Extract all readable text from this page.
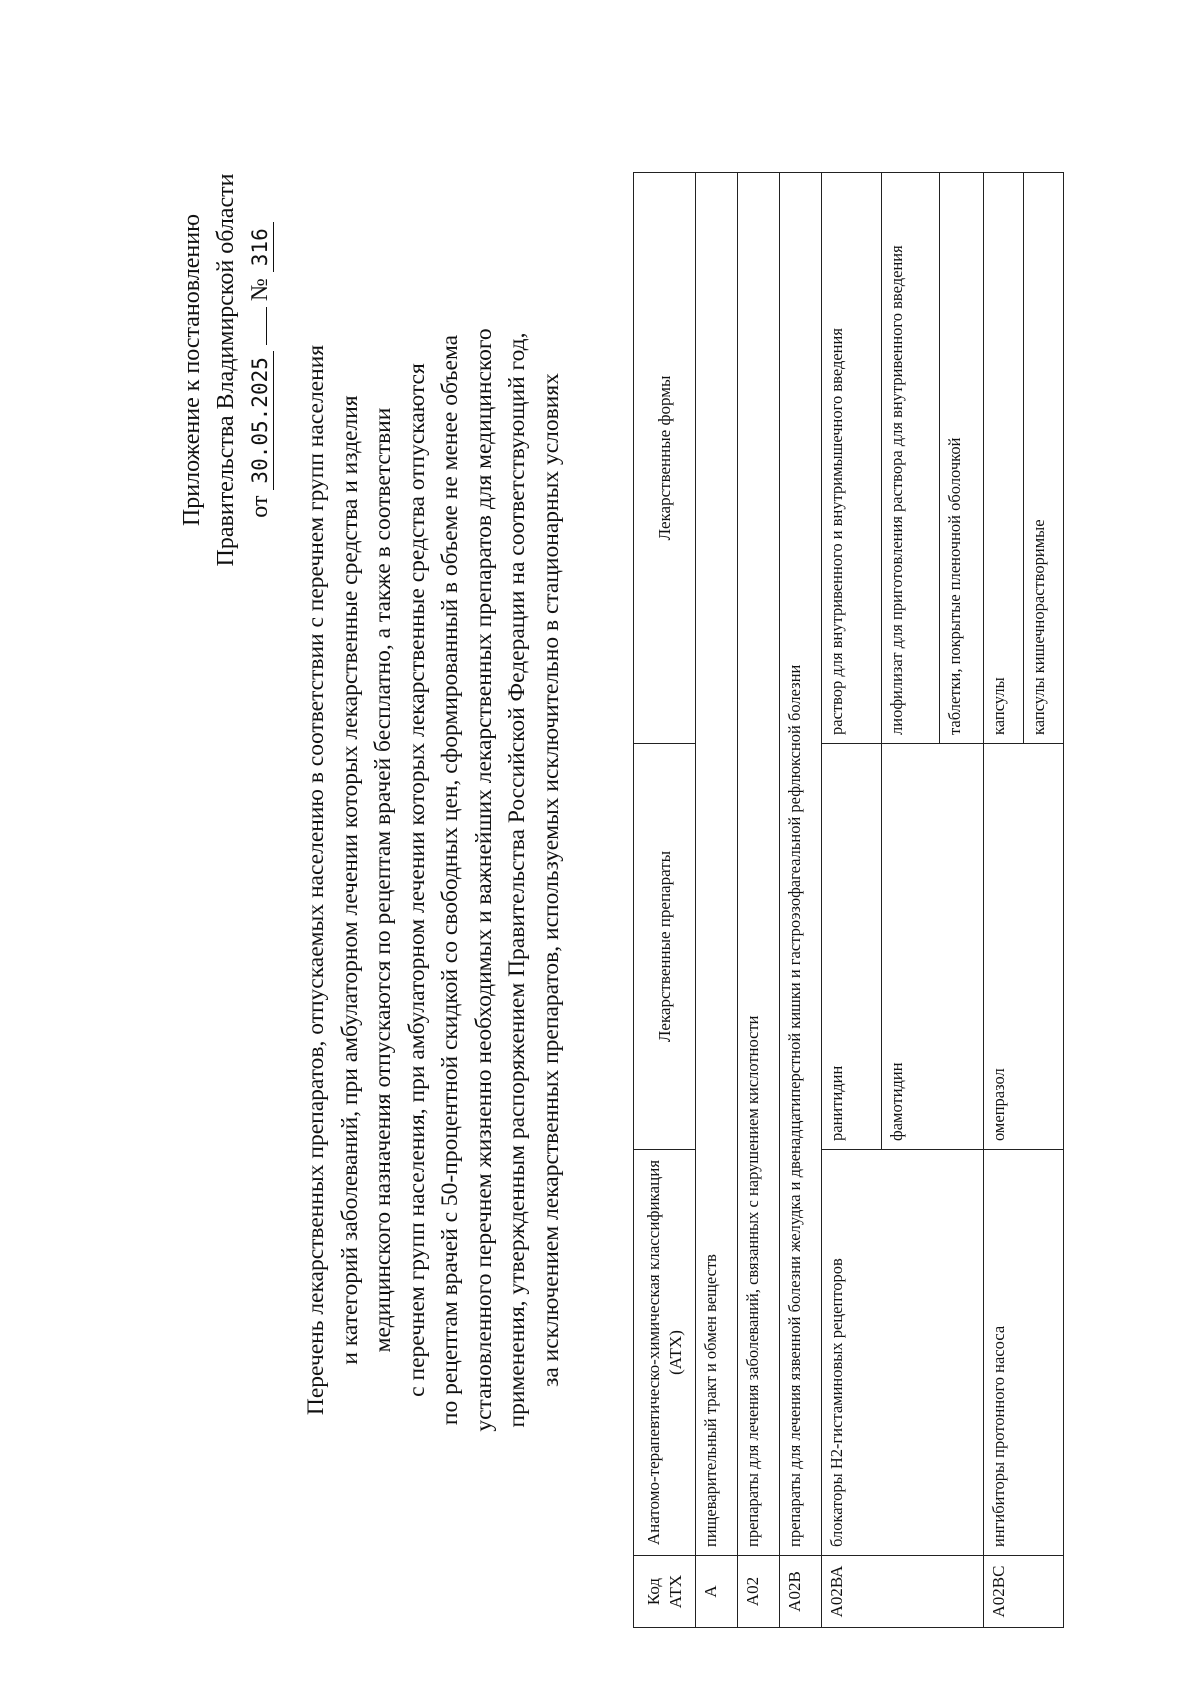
Приложение к постановлению Правительства Владимирской области от 30.05.2025  № 316
Перечень лекарственных препаратов, отпускаемых населению в соответствии с перечнем групп населения и категорий заболеваний, при амбулаторном лечении которых лекарственные средства и изделия медицинского назначения отпускаются по рецептам врачей бесплатно, а также в соответствии с перечнем групп населения, при амбулаторном лечении которых лекарственные средства отпускаются по рецептам врачей с 50-процентной скидкой со свободных цен, сформированный в объеме не менее объема установленного перечнем жизненно необходимых и важнейших лекарственных препаратов для медицинского применения, утвержденным распоряжением Правительства Российской Федерации на соответствующий год, за исключением лекарственных препаратов, используемых исключительно в стационарных условиях
Код АТХ	Анатомо-терапевтическо-химическая классификация (АТХ)	Лекарственные препараты	Лекарственные формы
А	пищеварительный тракт и обмен веществ		
А02	препараты для лечения заболеваний, связанных с нарушением кислотности		
А02В	препараты для лечения язвенной болезни желудка и двенадцатиперстной кишки и гастроэзофагеальной рефлюксной болезни		
А02ВА	блокаторы Н2-гистаминовых рецепторов	ранитидин	раствор для внутривенного и внутримышечного введения
		фамотидин	лиофилизат для приготовления раствора для внутривенного введения
			таблетки, покрытые пленочной оболочкой
А02ВС	ингибиторы протонного насоса	омепразол	капсулы
			капсулы кишечнорастворимые
